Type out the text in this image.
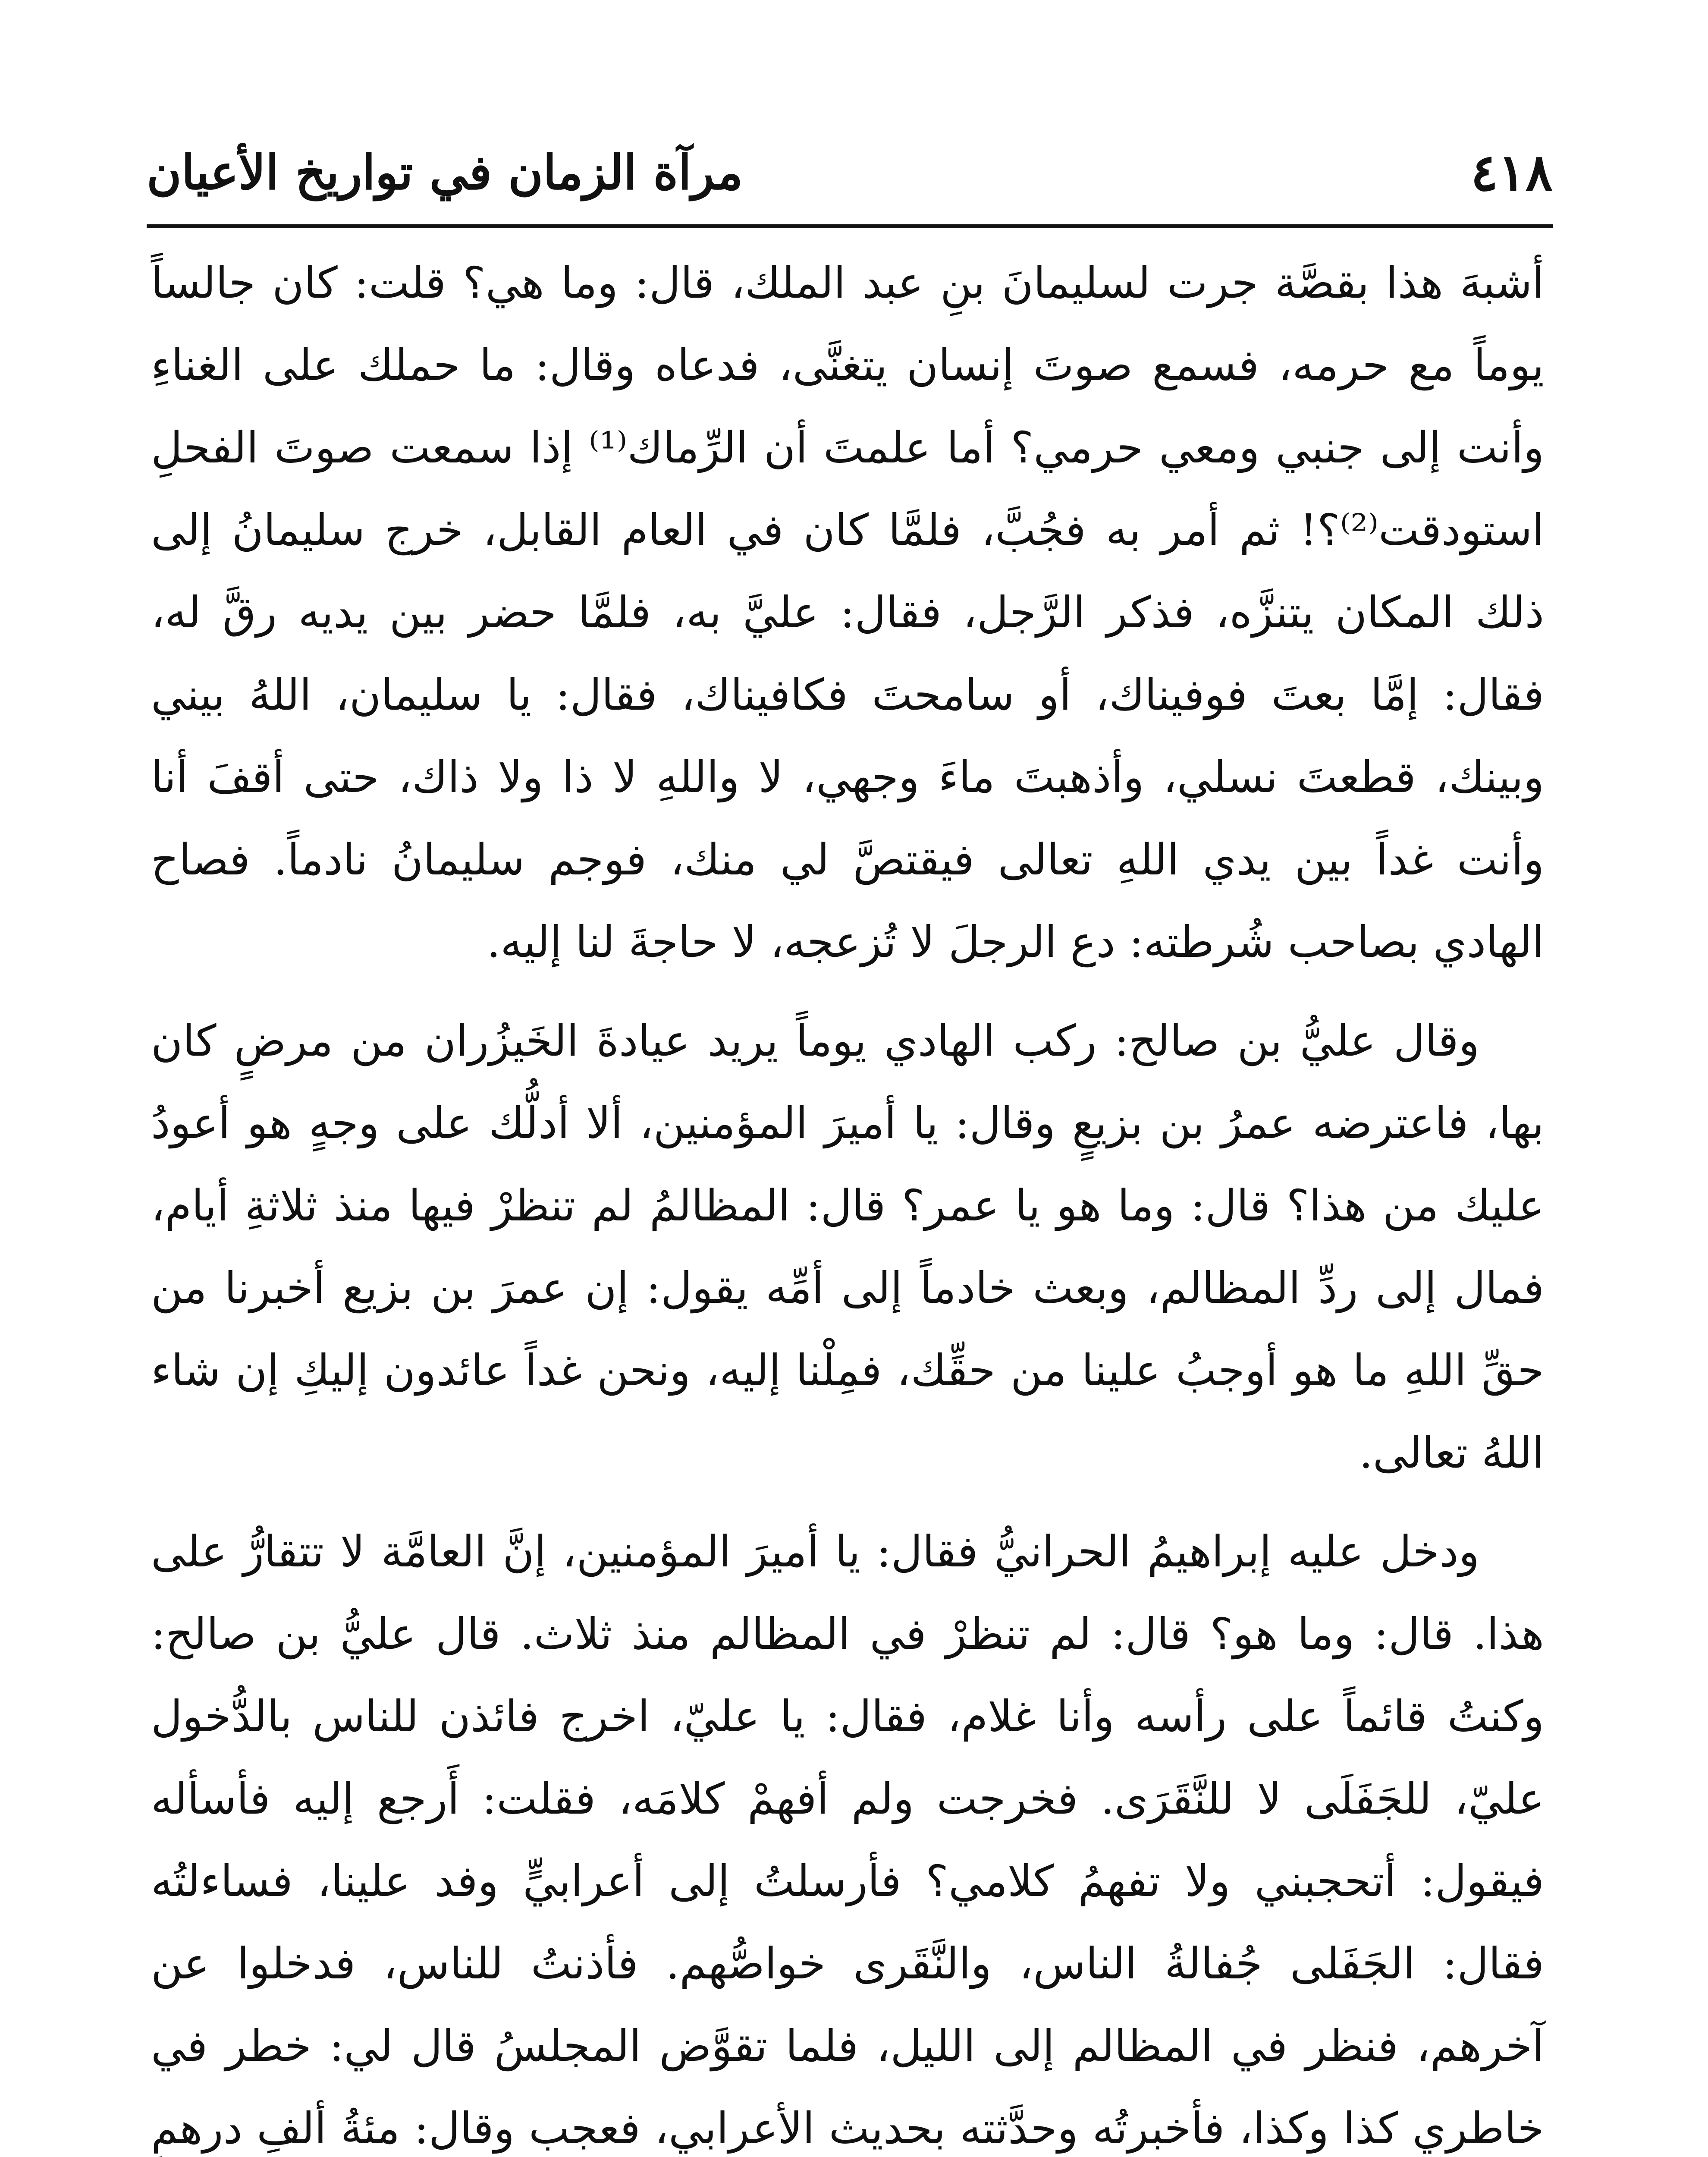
٤١٨
مرآة الزمان في تواريخ الأعيان

أشبهَ هذا بقصَّة جرت لسليمانَ بنِ عبد الملك، قال: وما هي؟ قلت: كان جالساً يوماً مع حرمه، فسمع صوتَ إنسان يتغنَّى، فدعاه وقال: ما حملك على الغناءِ وأنت إلى جنبي ومعي حرمي؟ أما علمتَ أن الرِّماك⁽¹⁾ إذا سمعت صوتَ الفحلِ استودقت⁽²⁾؟! ثم أمر به فجُبَّ، فلمَّا كان في العام القابل، خرج سليمانُ إلى ذلك المكان يتنزَّه، فذكر الرَّجل، فقال: عليَّ به، فلمَّا حضر بين يديه رقَّ له، فقال: إمَّا بعتَ فوفيناك، أو سامحتَ فكافيناك، فقال: يا سليمان، اللهُ بيني وبينك، قطعتَ نسلي، وأذهبتَ ماءَ وجهي، لا واللهِ لا ذا ولا ذاك، حتى أقفَ أنا وأنت غداً بين يدي اللهِ تعالى فيقتصَّ لي منك، فوجم سليمانُ نادماً. فصاح الهادي بصاحب شُرطته: دع الرجلَ لا تُزعجه، لا حاجةَ لنا إليه.

وقال عليُّ بن صالح: ركب الهادي يوماً يريد عيادةَ الخَيزُران من مرضٍ كان بها، فاعترضه عمرُ بن بزيعٍ وقال: يا أميرَ المؤمنين، ألا أدلُّك على وجهٍ هو أعودُ عليك من هذا؟ قال: وما هو يا عمر؟ قال: المظالمُ لم تنظرْ فيها منذ ثلاثةِ أيام، فمال إلى ردِّ المظالم، وبعث خادماً إلى أمِّه يقول: إن عمرَ بن بزيع أخبرنا من حقِّ اللهِ ما هو أوجبُ علينا من حقِّك، فمِلْنا إليه، ونحن غداً عائدون إليكِ إن شاء اللهُ تعالى.

ودخل عليه إبراهيمُ الحرانيُّ فقال: يا أميرَ المؤمنين، إنَّ العامَّة لا تتقارُّ على هذا. قال: وما هو؟ قال: لم تنظرْ في المظالم منذ ثلاث. قال عليُّ بن صالح: وكنتُ قائماً على رأسه وأنا غلام، فقال: يا عليّ، اخرج فائذن للناس بالدُّخول عليّ، للجَفَلَى لا للنَّقَرَى. فخرجت ولم أفهمْ كلامَه، فقلت: أَرجع إليه فأسأله فيقول: أتحجبني ولا تفهمُ كلامي؟ فأرسلتُ إلى أعرابيٍّ وفد علينا، فساءلتُه فقال: الجَفَلى جُفالةُ الناس، والنَّقَرى خواصُّهم. فأذنتُ للناس، فدخلوا عن آخرهم، فنظر في المظالم إلى الليل، فلما تقوَّض المجلسُ قال لي: خطر في خاطري كذا وكذا، فأخبرتُه وحدَّثته بحديث الأعرابي، فعجب وقال: مئةُ ألفِ درهمٍ
